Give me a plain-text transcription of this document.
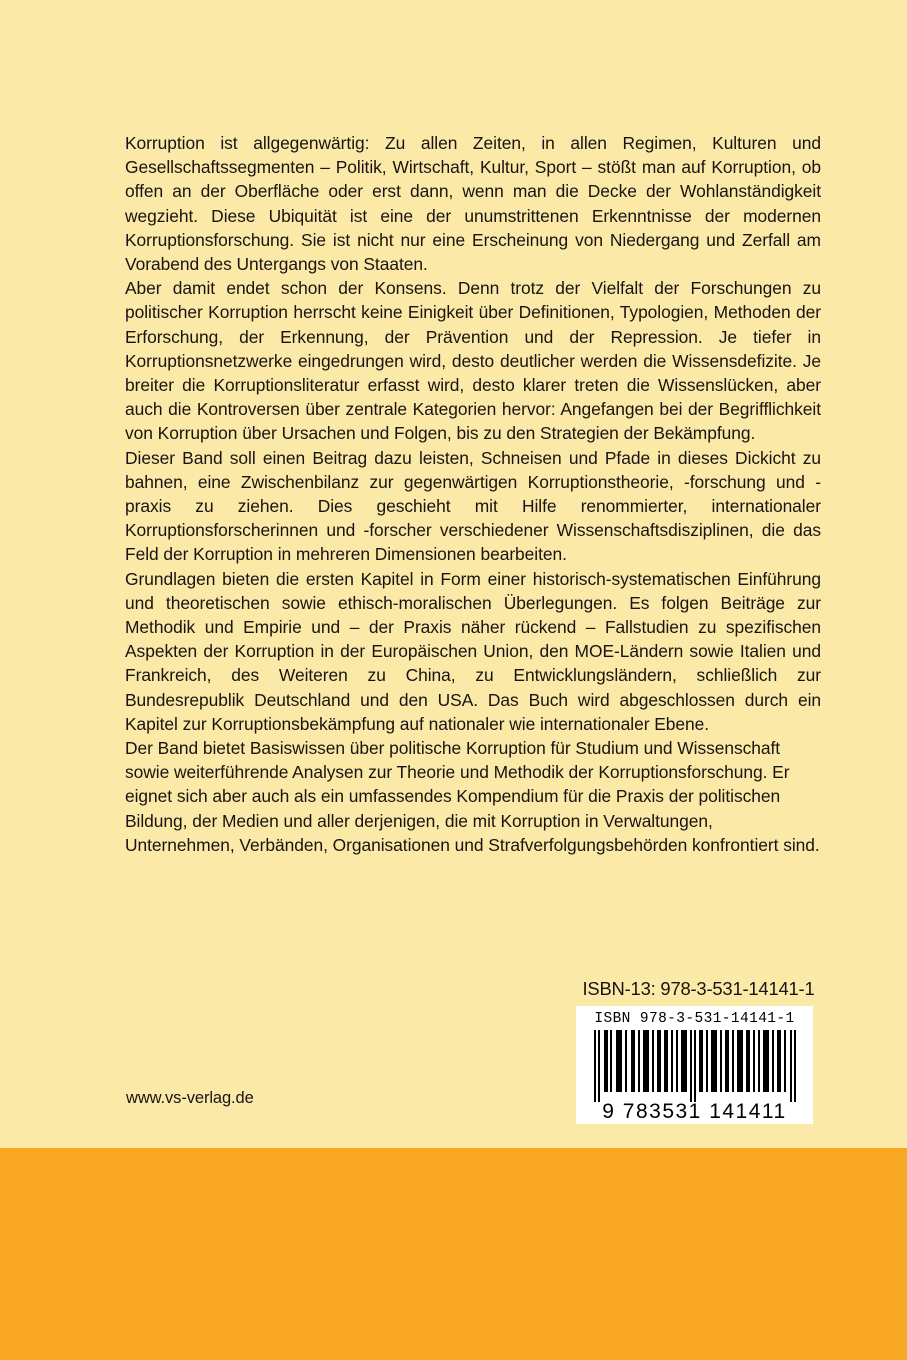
Korruption ist allgegenwärtig: Zu allen Zeiten, in allen Regimen, Kulturen und Gesellschaftssegmenten – Politik, Wirtschaft, Kultur, Sport – stößt man auf Korruption, ob offen an der Oberfläche oder erst dann, wenn man die Decke der Wohlanständigkeit wegzieht. Diese Ubiquität ist eine der unumstrittenen Erkenntnisse der modernen Korruptionsforschung. Sie ist nicht nur eine Erscheinung von Niedergang und Zerfall am Vorabend des Untergangs von Staaten.

Aber damit endet schon der Konsens. Denn trotz der Vielfalt der Forschungen zu politischer Korruption herrscht keine Einigkeit über Definitionen, Typologien, Methoden der Erforschung, der Erkennung, der Prävention und der Repression. Je tiefer in Korruptionsnetzwerke eingedrungen wird, desto deutlicher werden die Wissensdefizite. Je breiter die Korruptionsliteratur erfasst wird, desto klarer treten die Wissenslücken, aber auch die Kontroversen über zentrale Kategorien hervor: Angefangen bei der Begrifflichkeit von Korruption über Ursachen und Folgen, bis zu den Strategien der Bekämpfung.

Dieser Band soll einen Beitrag dazu leisten, Schneisen und Pfade in dieses Dickicht zu bahnen, eine Zwischenbilanz zur gegenwärtigen Korruptionstheorie, -forschung und -praxis zu ziehen. Dies geschieht mit Hilfe renommierter, internationaler Korruptionsforscherinnen und -forscher verschiedener Wissenschaftsdisziplinen, die das Feld der Korruption in mehreren Dimensionen bearbeiten.

Grundlagen bieten die ersten Kapitel in Form einer historisch-systematischen Einführung und theoretischen sowie ethisch-moralischen Überlegungen. Es folgen Beiträge zur Methodik und Empirie und – der Praxis näher rückend – Fallstudien zu spezifischen Aspekten der Korruption in der Europäischen Union, den MOE-Ländern sowie Italien und Frankreich, des Weiteren zu China, zu Entwicklungsländern, schließlich zur Bundesrepublik Deutschland und den USA. Das Buch wird abgeschlossen durch ein Kapitel zur Korruptionsbekämpfung auf nationaler wie internationaler Ebene.

Der Band bietet Basiswissen über politische Korruption für Studium und Wissenschaft sowie weiterführende Analysen zur Theorie und Methodik der Korruptionsforschung. Er eignet sich aber auch als ein umfassendes Kompendium für die Praxis der politischen Bildung, der Medien und aller derjenigen, die mit Korruption in Verwaltungen, Unternehmen, Verbänden, Organisationen und Strafverfolgungsbehörden konfrontiert sind.

ISBN-13: 978-3-531-14141-1
ISBN 978-3-531-14141-1
9 783531 141411
www.vs-verlag.de
